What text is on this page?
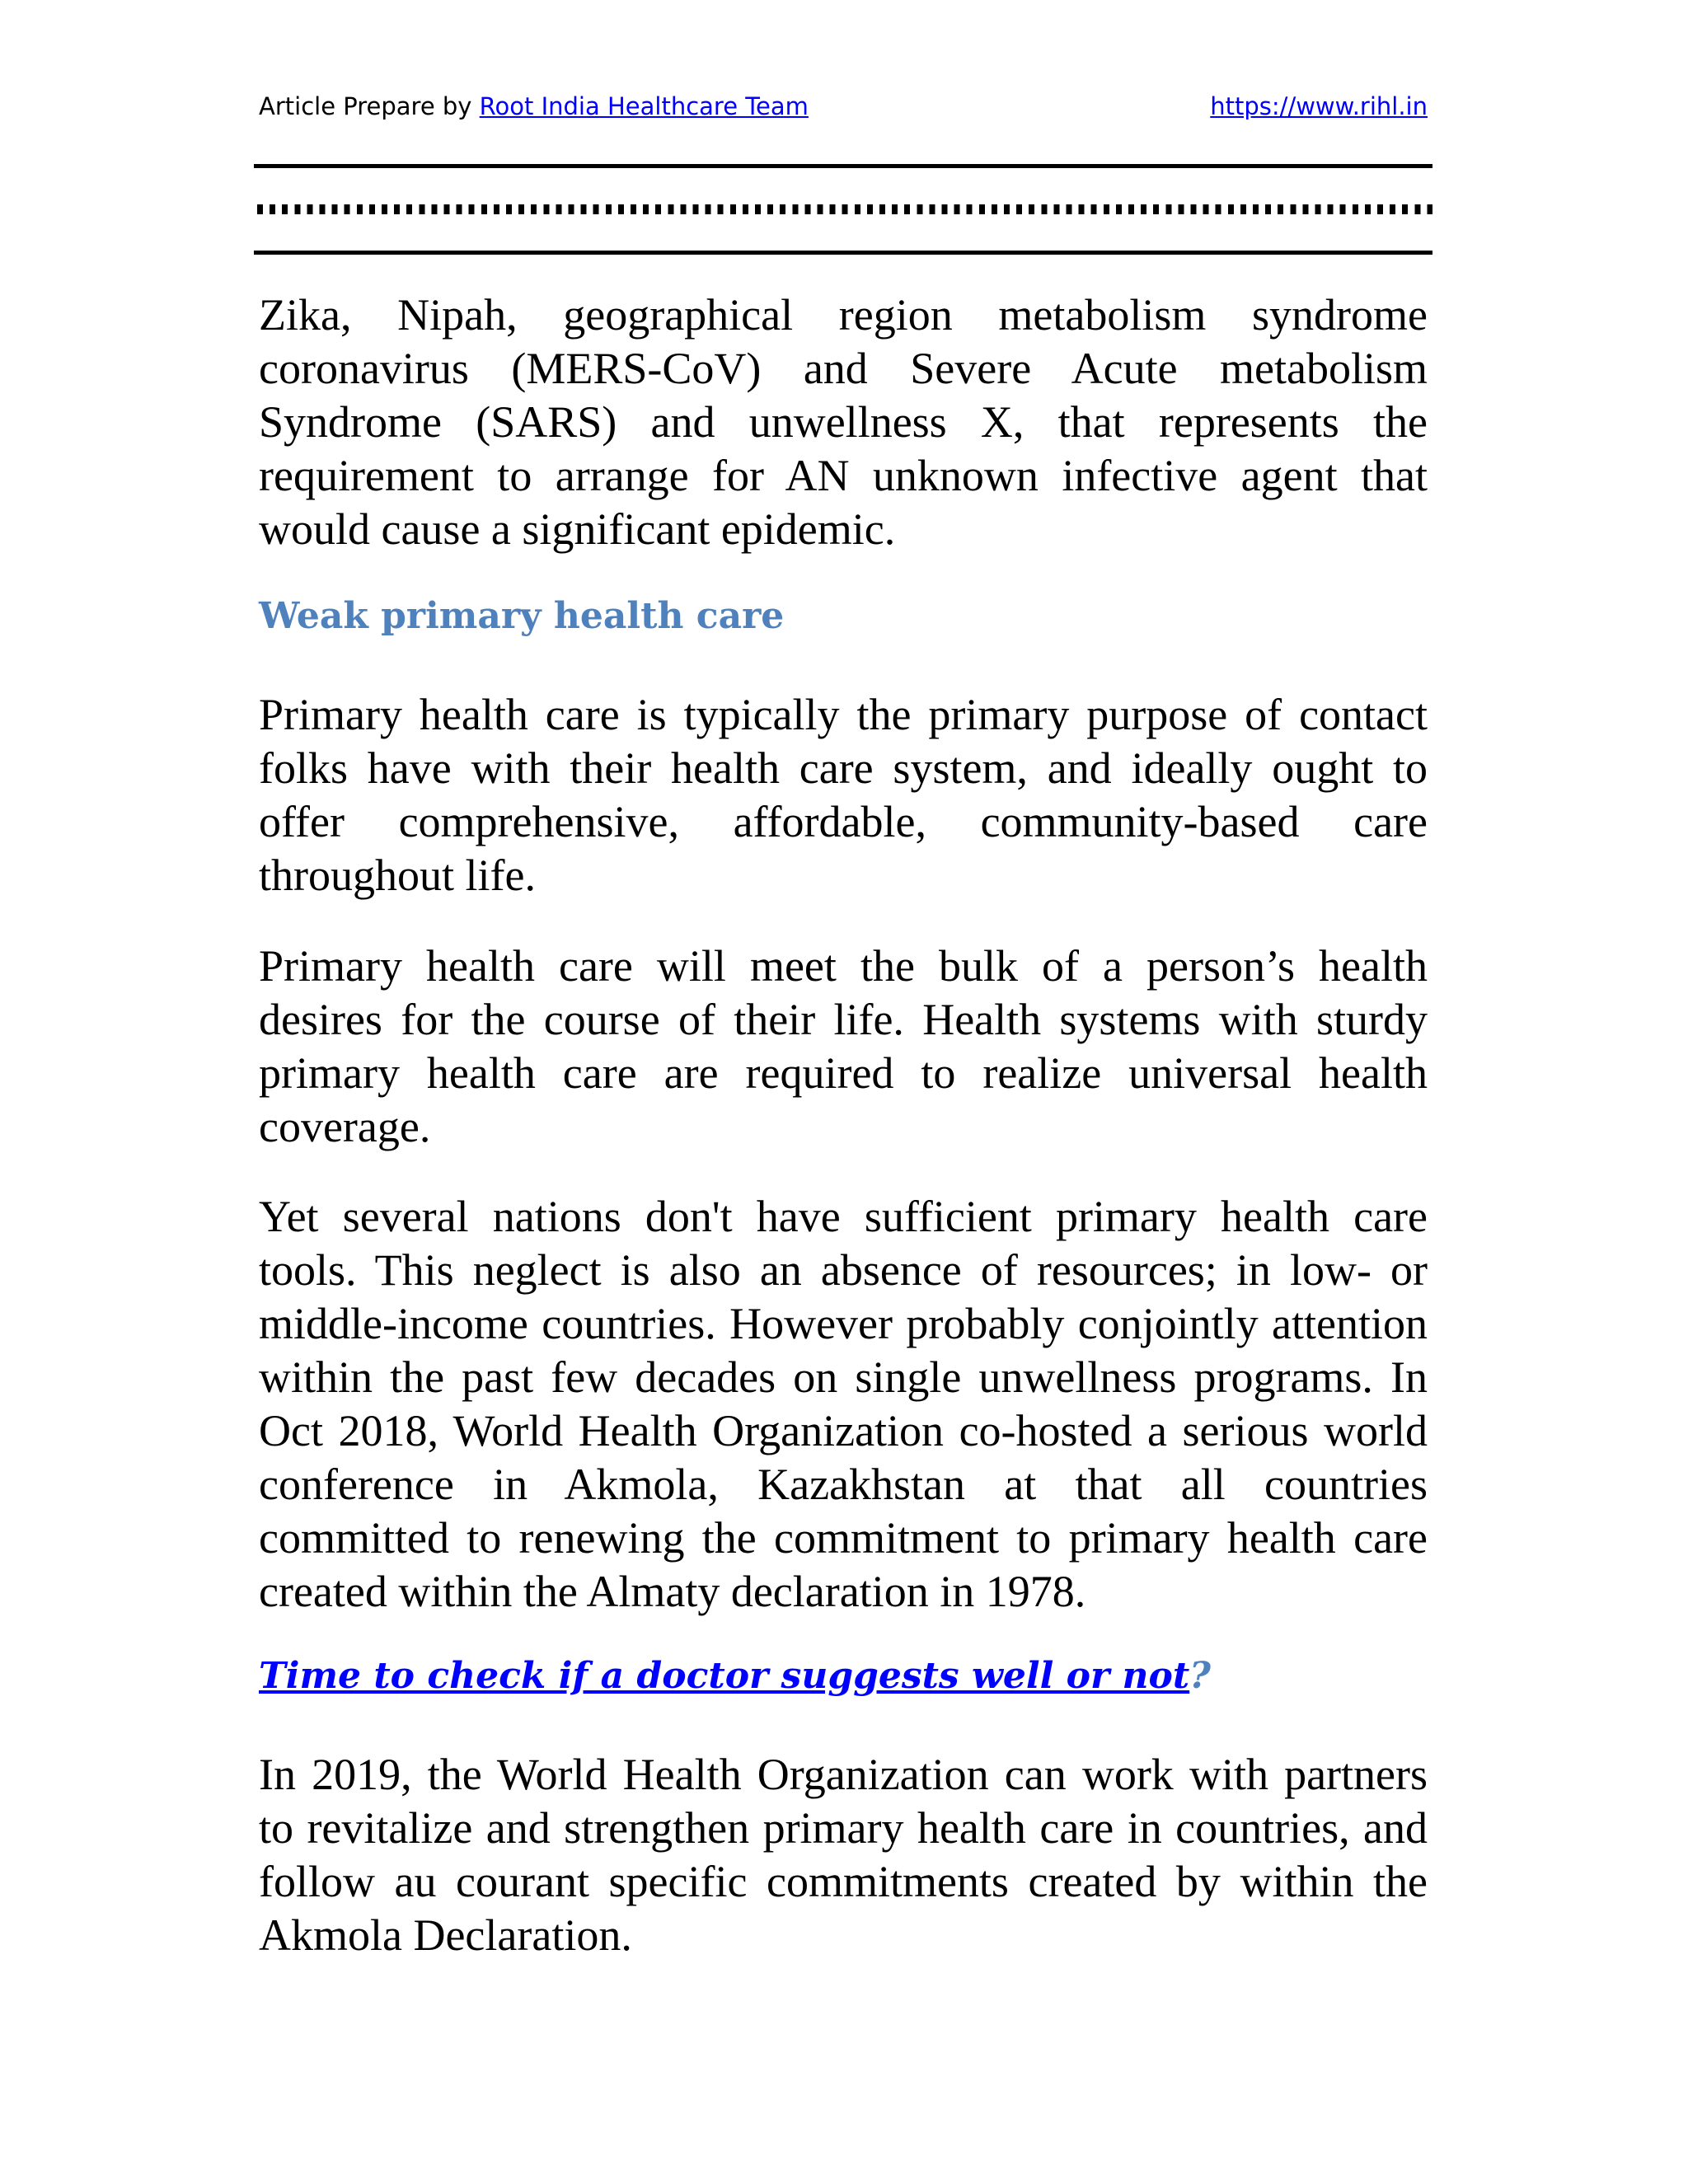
Article Prepare by Root India Healthcare Team	https://www.rihl.in

Zika, Nipah, geographical region metabolism syndrome coronavirus (MERS-CoV) and Severe Acute metabolism Syndrome (SARS) and unwellness X, that represents the requirement to arrange for AN unknown infective agent that would cause a significant epidemic.

Weak primary health care

Primary health care is typically the primary purpose of contact folks have with their health care system, and ideally ought to offer comprehensive, affordable, community-based care throughout life.

Primary health care will meet the bulk of a person’s health desires for the course of their life. Health systems with sturdy primary health care are required to realize universal health coverage.

Yet several nations don't have sufficient primary health care tools. This neglect is also an absence of resources; in low- or middle-income countries. However probably conjointly attention within the past few decades on single unwellness programs. In Oct 2018, World Health Organization co-hosted a serious world conference in Akmola, Kazakhstan at that all countries committed to renewing the commitment to primary health care created within the Almaty declaration in 1978.

Time to check if a doctor suggests well or not?

In 2019, the World Health Organization can work with partners to revitalize and strengthen primary health care in countries, and follow au courant specific commitments created by within the Akmola Declaration.
